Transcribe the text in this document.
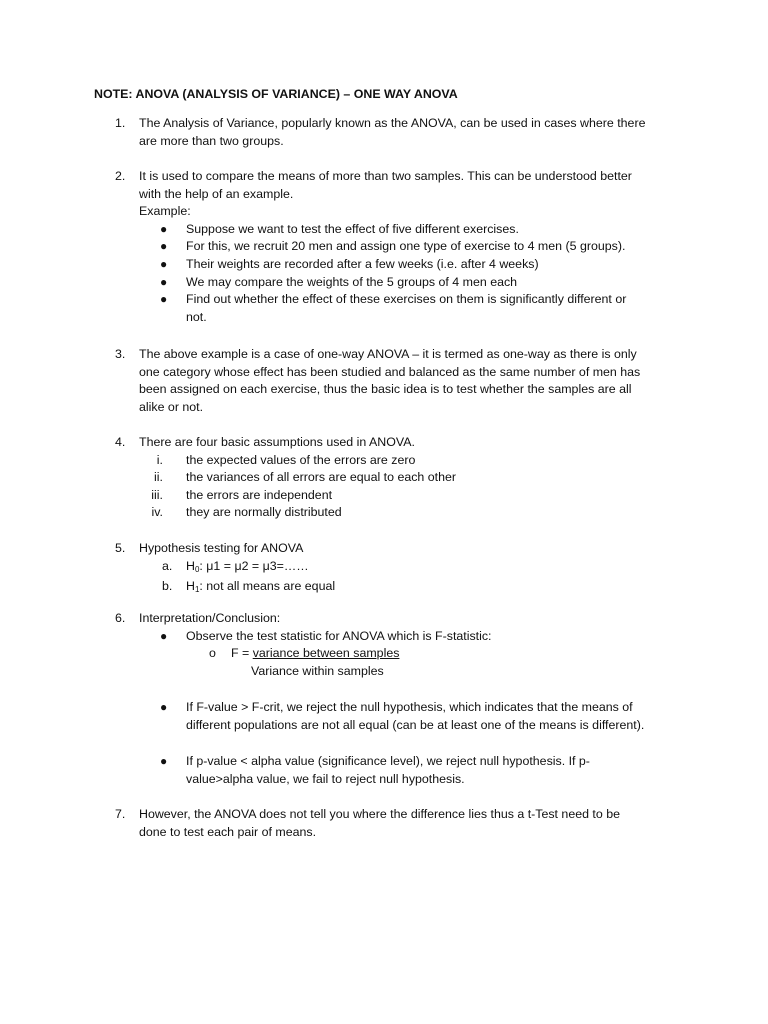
NOTE: ANOVA (ANALYSIS OF VARIANCE) – ONE WAY ANOVA
1.	The Analysis of Variance, popularly known as the ANOVA, can be used in cases where there
are more than two groups.
2.	It is used to compare the means of more than two samples. This can be understood better
with the help of an example.
Example:
● Suppose we want to test the effect of five different exercises.
● For this, we recruit 20 men and assign one type of exercise to 4 men (5 groups).
● Their weights are recorded after a few weeks (i.e. after 4 weeks)
● We may compare the weights of the 5 groups of 4 men each
● Find out whether the effect of these exercises on them is significantly different or
not.
3.	The above example is a case of one-way ANOVA – it is termed as one-way as there is only
one category whose effect has been studied and balanced as the same number of men has
been assigned on each exercise, thus the basic idea is to test whether the samples are all
alike or not.
4.	There are four basic assumptions used in ANOVA.
i. the expected values of the errors are zero
ii. the variances of all errors are equal to each other
iii. the errors are independent
iv. they are normally distributed
5.	Hypothesis testing for ANOVA
a. $H_0$: μ1 = μ2 = μ3=……
b. $H_1$: not all means are equal
6.	Interpretation/Conclusion:
● Observe the test statistic for ANOVA which is F-statistic:
o F = variance between samples
Variance within samples
● If F-value > F-crit, we reject the null hypothesis, which indicates that the means of
different populations are not all equal (can be at least one of the means is different).
● If p-value < alpha value (significance level), we reject null hypothesis. If p-
value>alpha value, we fail to reject null hypothesis.
7.	However, the ANOVA does not tell you where the difference lies thus a t-Test need to be
done to test each pair of means.
